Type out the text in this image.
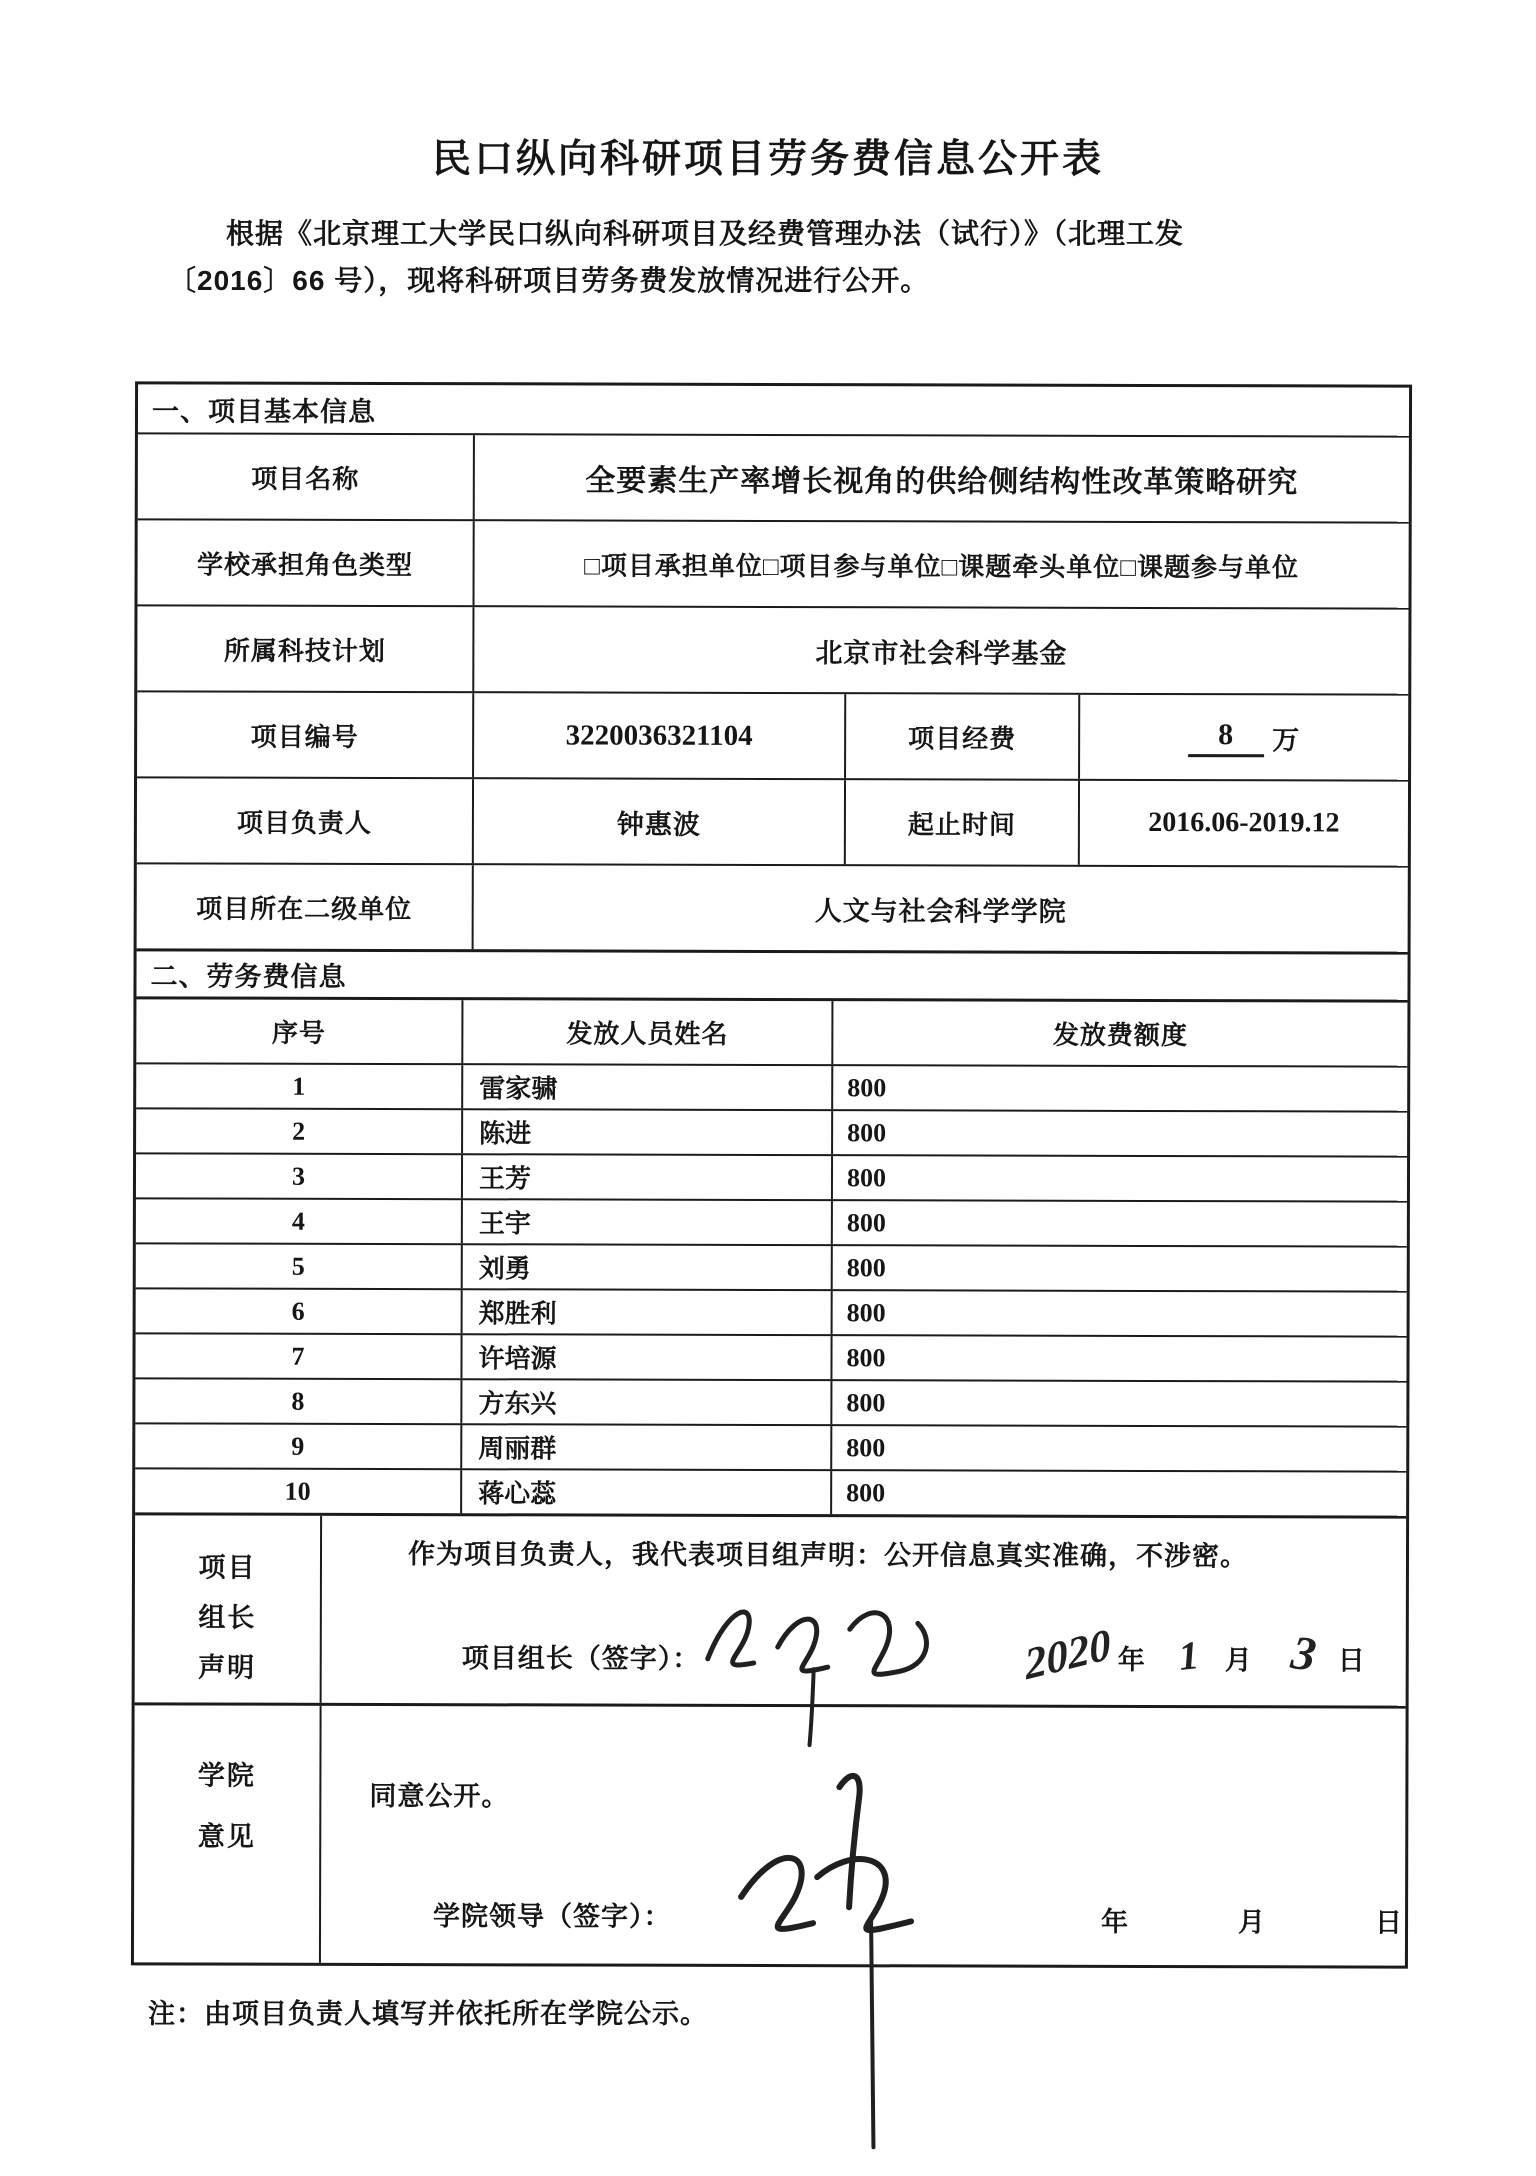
民口纵向科研项目劳务费信息公开表
根据《北京理工大学民口纵向科研项目及经费管理办法（试行）》（北理工发
〔2016〕66 号），现将科研项目劳务费发放情况进行公开。
一、项目基本信息
项目名称	全要素生产率增长视角的供给侧结构性改革策略研究
学校承担角色类型	□项目承担单位□项目参与单位□课题牵头单位□课题参与单位
所属科技计划	北京市社会科学基金
项目编号	3220036321104	项目经费	8	万
项目负责人	钟惠波	起止时间	2016.06-2019.12
项目所在二级单位	人文与社会科学学院
二、劳务费信息
序号	发放人员姓名	发放费额度
1	雷家骕	800
2	陈进	800
3	王芳	800
4	王宇	800
5	刘勇	800
6	郑胜利	800
7	许培源	800
8	方东兴	800
9	周丽群	800
10	蒋心蕊	800
项目
组长
声明
作为项目负责人，我代表项目组声明：公开信息真实准确，不涉密。
项目组长（签字）：	2020 年 1 月 3 日
学院
意见
同意公开。
学院领导（签字）：	年	月	日
注：由项目负责人填写并依托所在学院公示。
